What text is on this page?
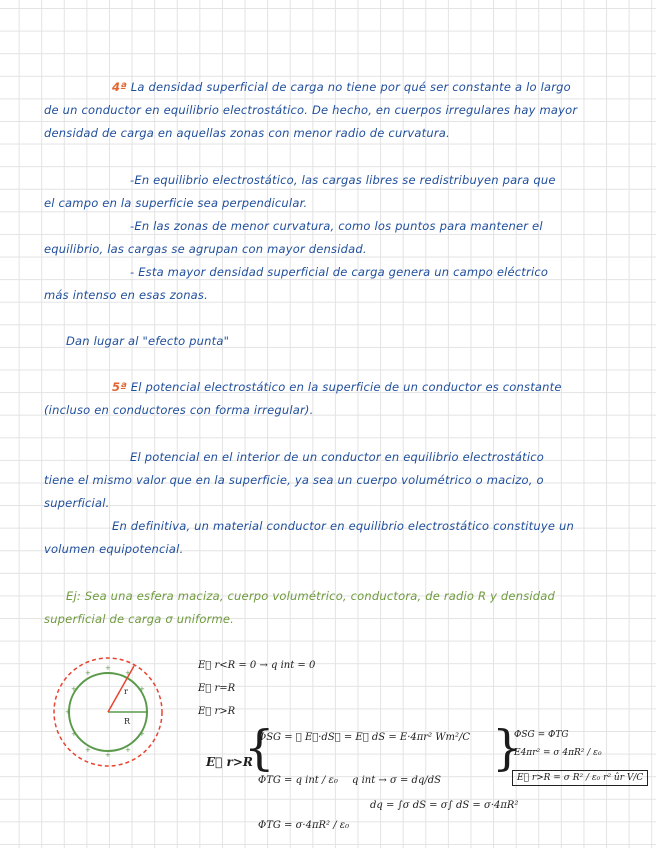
4ª La densidad superficial de carga no tiene por qué ser constante a lo largo
de un conductor en equilibrio electrostático. De hecho, en cuerpos irregulares hay mayor
densidad de carga en aquellas zonas con menor radio de curvatura.
-En equilibrio electrostático, las cargas libres se redistribuyen para que
el campo en la superficie sea perpendicular.
-En las zonas de menor curvatura, como los puntos para mantener el
equilibrio, las cargas se agrupan con mayor densidad.
- Esta mayor densidad superficial de carga genera un campo eléctrico
más intenso en esas zonas.
Dan lugar al "efecto punta"
5ª El potencial electrostático en la superficie de un conductor es constante
(incluso en conductores con forma irregular).
El potencial en el interior de un conductor en equilibrio electrostático
tiene el mismo valor que en la superficie, ya sea un cuerpo volumétrico o macizo, o
superficial.
En definitiva, un material conductor en equilibrio electrostático constituye un
volumen equipotencial.
Ej: Sea una esfera maciza, cuerpo volumétrico, conductora, de radio R y densidad
superficial de carga σ uniforme.
r
R
+
+	+
+	+
+
+	+
+	+
+
E⃗ r<R = 0 → q int = 0
E⃗ r=R
E⃗ r>R
E⃗ r>R
{
ΦSG = ∮ E⃗·dS⃗ = E∮ dS = E·4πr² Wm²/C
ΦTG = q int / ε₀ q int → σ = dq/dS
dq = ∫σ dS = σ∫ dS = σ·4πR²
}
ΦSG = ΦTG
E4πr² = σ 4πR² / ε₀
E⃗ r>R = σ R² / ε₀ r² ûr V/C
ΦTG = σ·4πR² / ε₀
